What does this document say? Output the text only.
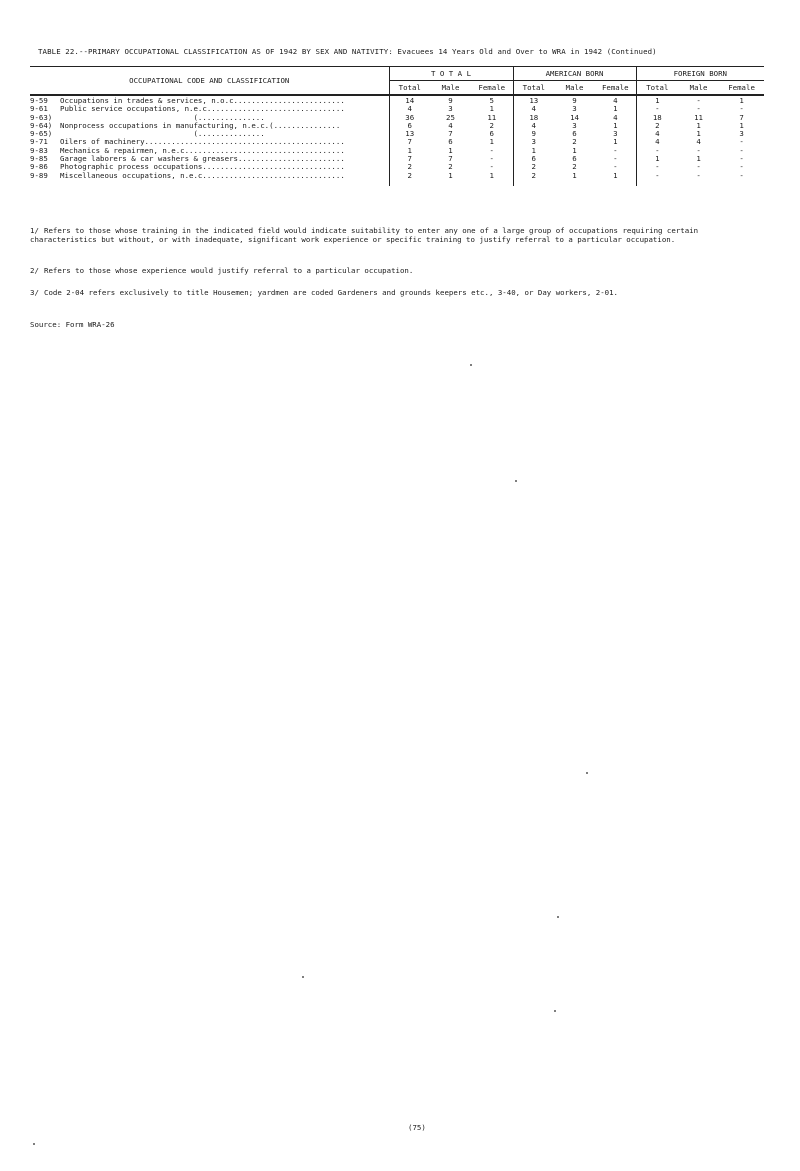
TABLE 22.--PRIMARY OCCUPATIONAL CLASSIFICATION AS OF 1942 BY SEX AND NATIVITY: Evacuees 14 Years Old and Over to WRA in 1942 (Continued)
OCCUPATIONAL CODE AND CLASSIFICATION		T O T A L			AMERICAN BORN			FOREIGN BORN		
		Total	Male	Female	Total	Male	Female	Total	Male	Female

9-59	Occupations in trades & services, n.o.c.........................	14	9	5	13	9	4	1	-	1
9-61	Public service occupations, n.e.c...............................	4	3	1	4	3	1	-	-	-
9-63)	(...............	36	25	11	18	14	4	18	11	7
9-64)	Nonprocess occupations in manufacturing, n.e.c.(...............	6	4	2	4	3	1	2	1	1
9-65)	(...............	13	7	6	9	6	3	4	1	3
9-71	Oilers of machinery.............................................	7	6	1	3	2	1	4	4	-
9-83	Mechanics & repairmen, n.e.c....................................	1	1	-	1	1	-	-	-	-
9-85	Garage laborers & car washers & greasers........................	7	7	-	6	6	-	1	1	-
9-86	Photographic process occupations................................	2	2	-	2	2	-	-	-	-
9-89	Miscellaneous occupations, n.e.c................................	2	1	1	2	1	1	-	-	-

1/ Refers to those whose training in the indicated field would indicate suitability to enter any one of a large group of occupations requiring certain characteristics but without, or with inadequate, significant work experience or specific training to justify referral to a particular occupation.
2/ Refers to those whose experience would justify referral to a particular occupation.
3/ Code 2-04 refers exclusively to title Housemen; yardmen are coded Gardeners and grounds keepers etc., 3-40, or Day workers, 2-01.
Source: Form WRA-26
(75)
